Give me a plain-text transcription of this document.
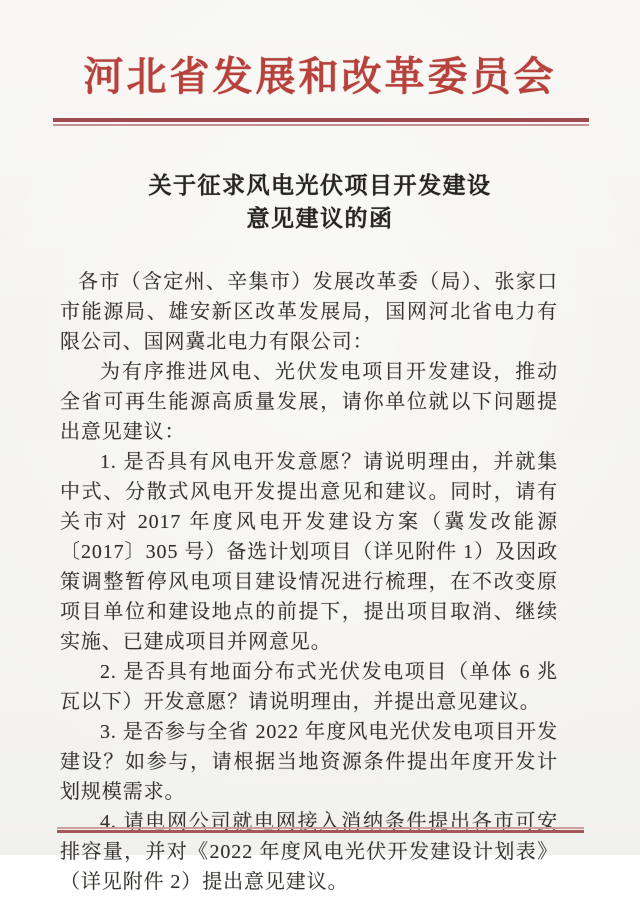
河北省发展和改革委员会
关于征求风电光伏项目开发建设
意见建议的函

各市（含定州、辛集市）发展改革委（局）、张家口市能源局、雄安新区改革发展局，国网河北省电力有限公司、国网冀北电力有限公司：

为有序推进风电、光伏发电项目开发建设，推动全省可再生能源高质量发展，请你单位就以下问题提出意见建议：

1. 是否具有风电开发意愿？请说明理由，并就集中式、分散式风电开发提出意见和建议。同时，请有关市对 2017 年度风电开发建设方案（冀发改能源〔2017〕305 号）备选计划项目（详见附件 1）及因政策调整暂停风电项目建设情况进行梳理，在不改变原项目单位和建设地点的前提下，提出项目取消、继续实施、已建成项目并网意见。

2. 是否具有地面分布式光伏发电项目（单体 6 兆瓦以下）开发意愿？请说明理由，并提出意见建议。

3. 是否参与全省 2022 年度风电光伏发电项目开发建设？如参与，请根据当地资源条件提出年度开发计划规模需求。

4. 请电网公司就电网接入消纳条件提出各市可安排容量，并对《2022 年度风电光伏开发建设计划表》（详见附件 2）提出意见建议。
